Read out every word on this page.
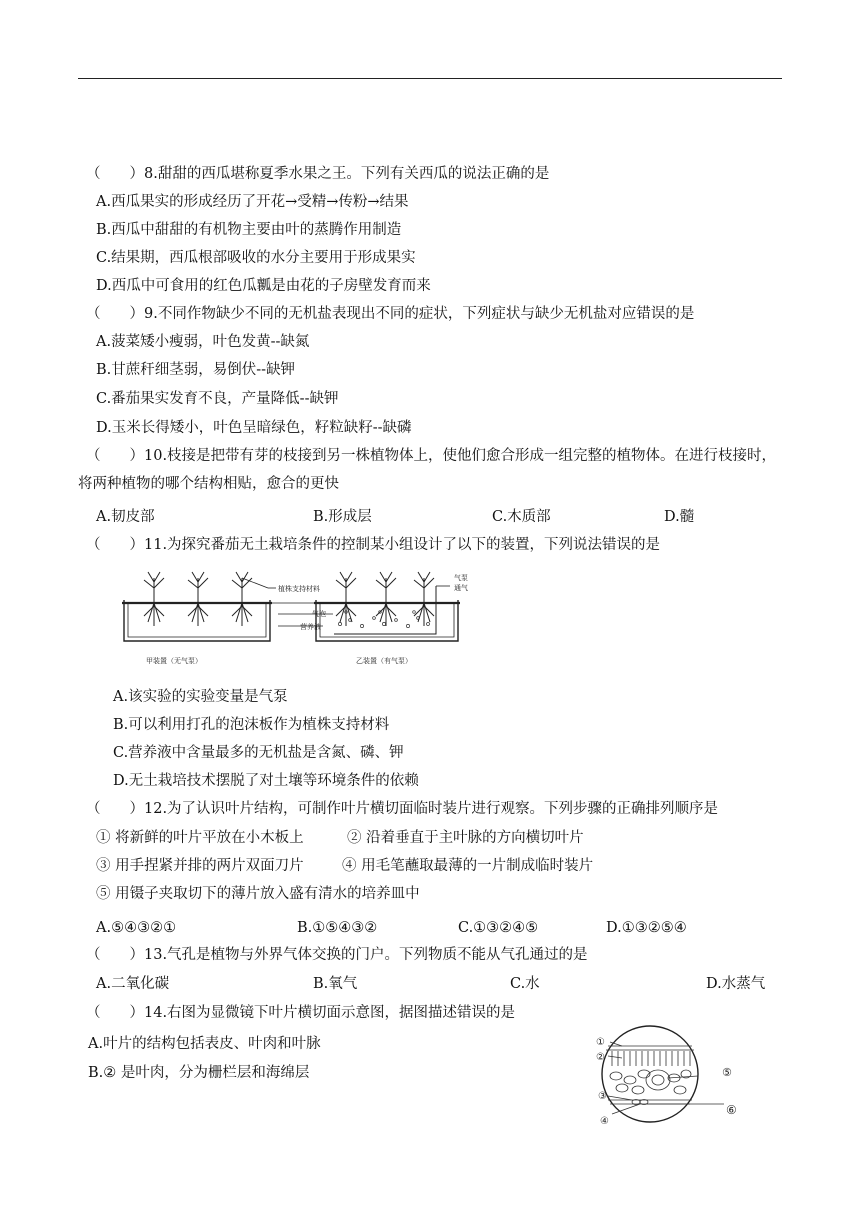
（　　）8.甜甜的西瓜堪称夏季水果之王。下列有关西瓜的说法正确的是
A.西瓜果实的形成经历了开花→受精→传粉→结果
B.西瓜中甜甜的有机物主要由叶的蒸腾作用制造
C.结果期，西瓜根部吸收的水分主要用于形成果实
D.西瓜中可食用的红色瓜瓤是由花的子房壁发育而来
（　　）9.不同作物缺少不同的无机盐表现出不同的症状，下列症状与缺少无机盐对应错误的是
A.菠菜矮小瘦弱，叶色发黄--缺氮
B.甘蔗秆细茎弱，易倒伏--缺钾
C.番茄果实发育不良，产量降低--缺钾
D.玉米长得矮小，叶色呈暗绿色，籽粒缺籽--缺磷
（　　）10.枝接是把带有芽的枝接到另一株植物体上，使他们愈合形成一组完整的植物体。在进行枝接时，
将两种植物的哪个结构相贴，愈合的更快
A.韧皮部	B.形成层	C.木质部	D.髓
（　　）11.为探究番茄无土栽培条件的控制某小组设计了以下的装置，下列说法错误的是
植株支持材料
气泡
营养液
气泵
通气
甲装置（无气泵）	乙装置（有气泵）
A.该实验的实验变量是气泵
B.可以利用打孔的泡沫板作为植株支持材料
C.营养液中含量最多的无机盐是含氮、磷、钾
D.无土栽培技术摆脱了对土壤等环境条件的依赖
（　　）12.为了认识叶片结构，可制作叶片横切面临时装片进行观察。下列步骤的正确排列顺序是
① 将新鲜的叶片平放在小木板上	② 沿着垂直于主叶脉的方向横切叶片
③ 用手捏紧并排的两片双面刀片	④ 用毛笔蘸取最薄的一片制成临时装片
⑤ 用镊子夹取切下的薄片放入盛有清水的培养皿中
A.⑤④③②①	B.①⑤④③②	C.①③②④⑤	D.①③②⑤④
（　　）13.气孔是植物与外界气体交换的门户。下列物质不能从气孔通过的是
A.二氧化碳	B.氧气	C.水	D.水蒸气
（　　）14.右图为显微镜下叶片横切面示意图，据图描述错误的是
A.叶片的结构包括表皮、叶肉和叶脉
B.② 是叶肉，分为栅栏层和海绵层
①
②
③
④
⑤
⑥
